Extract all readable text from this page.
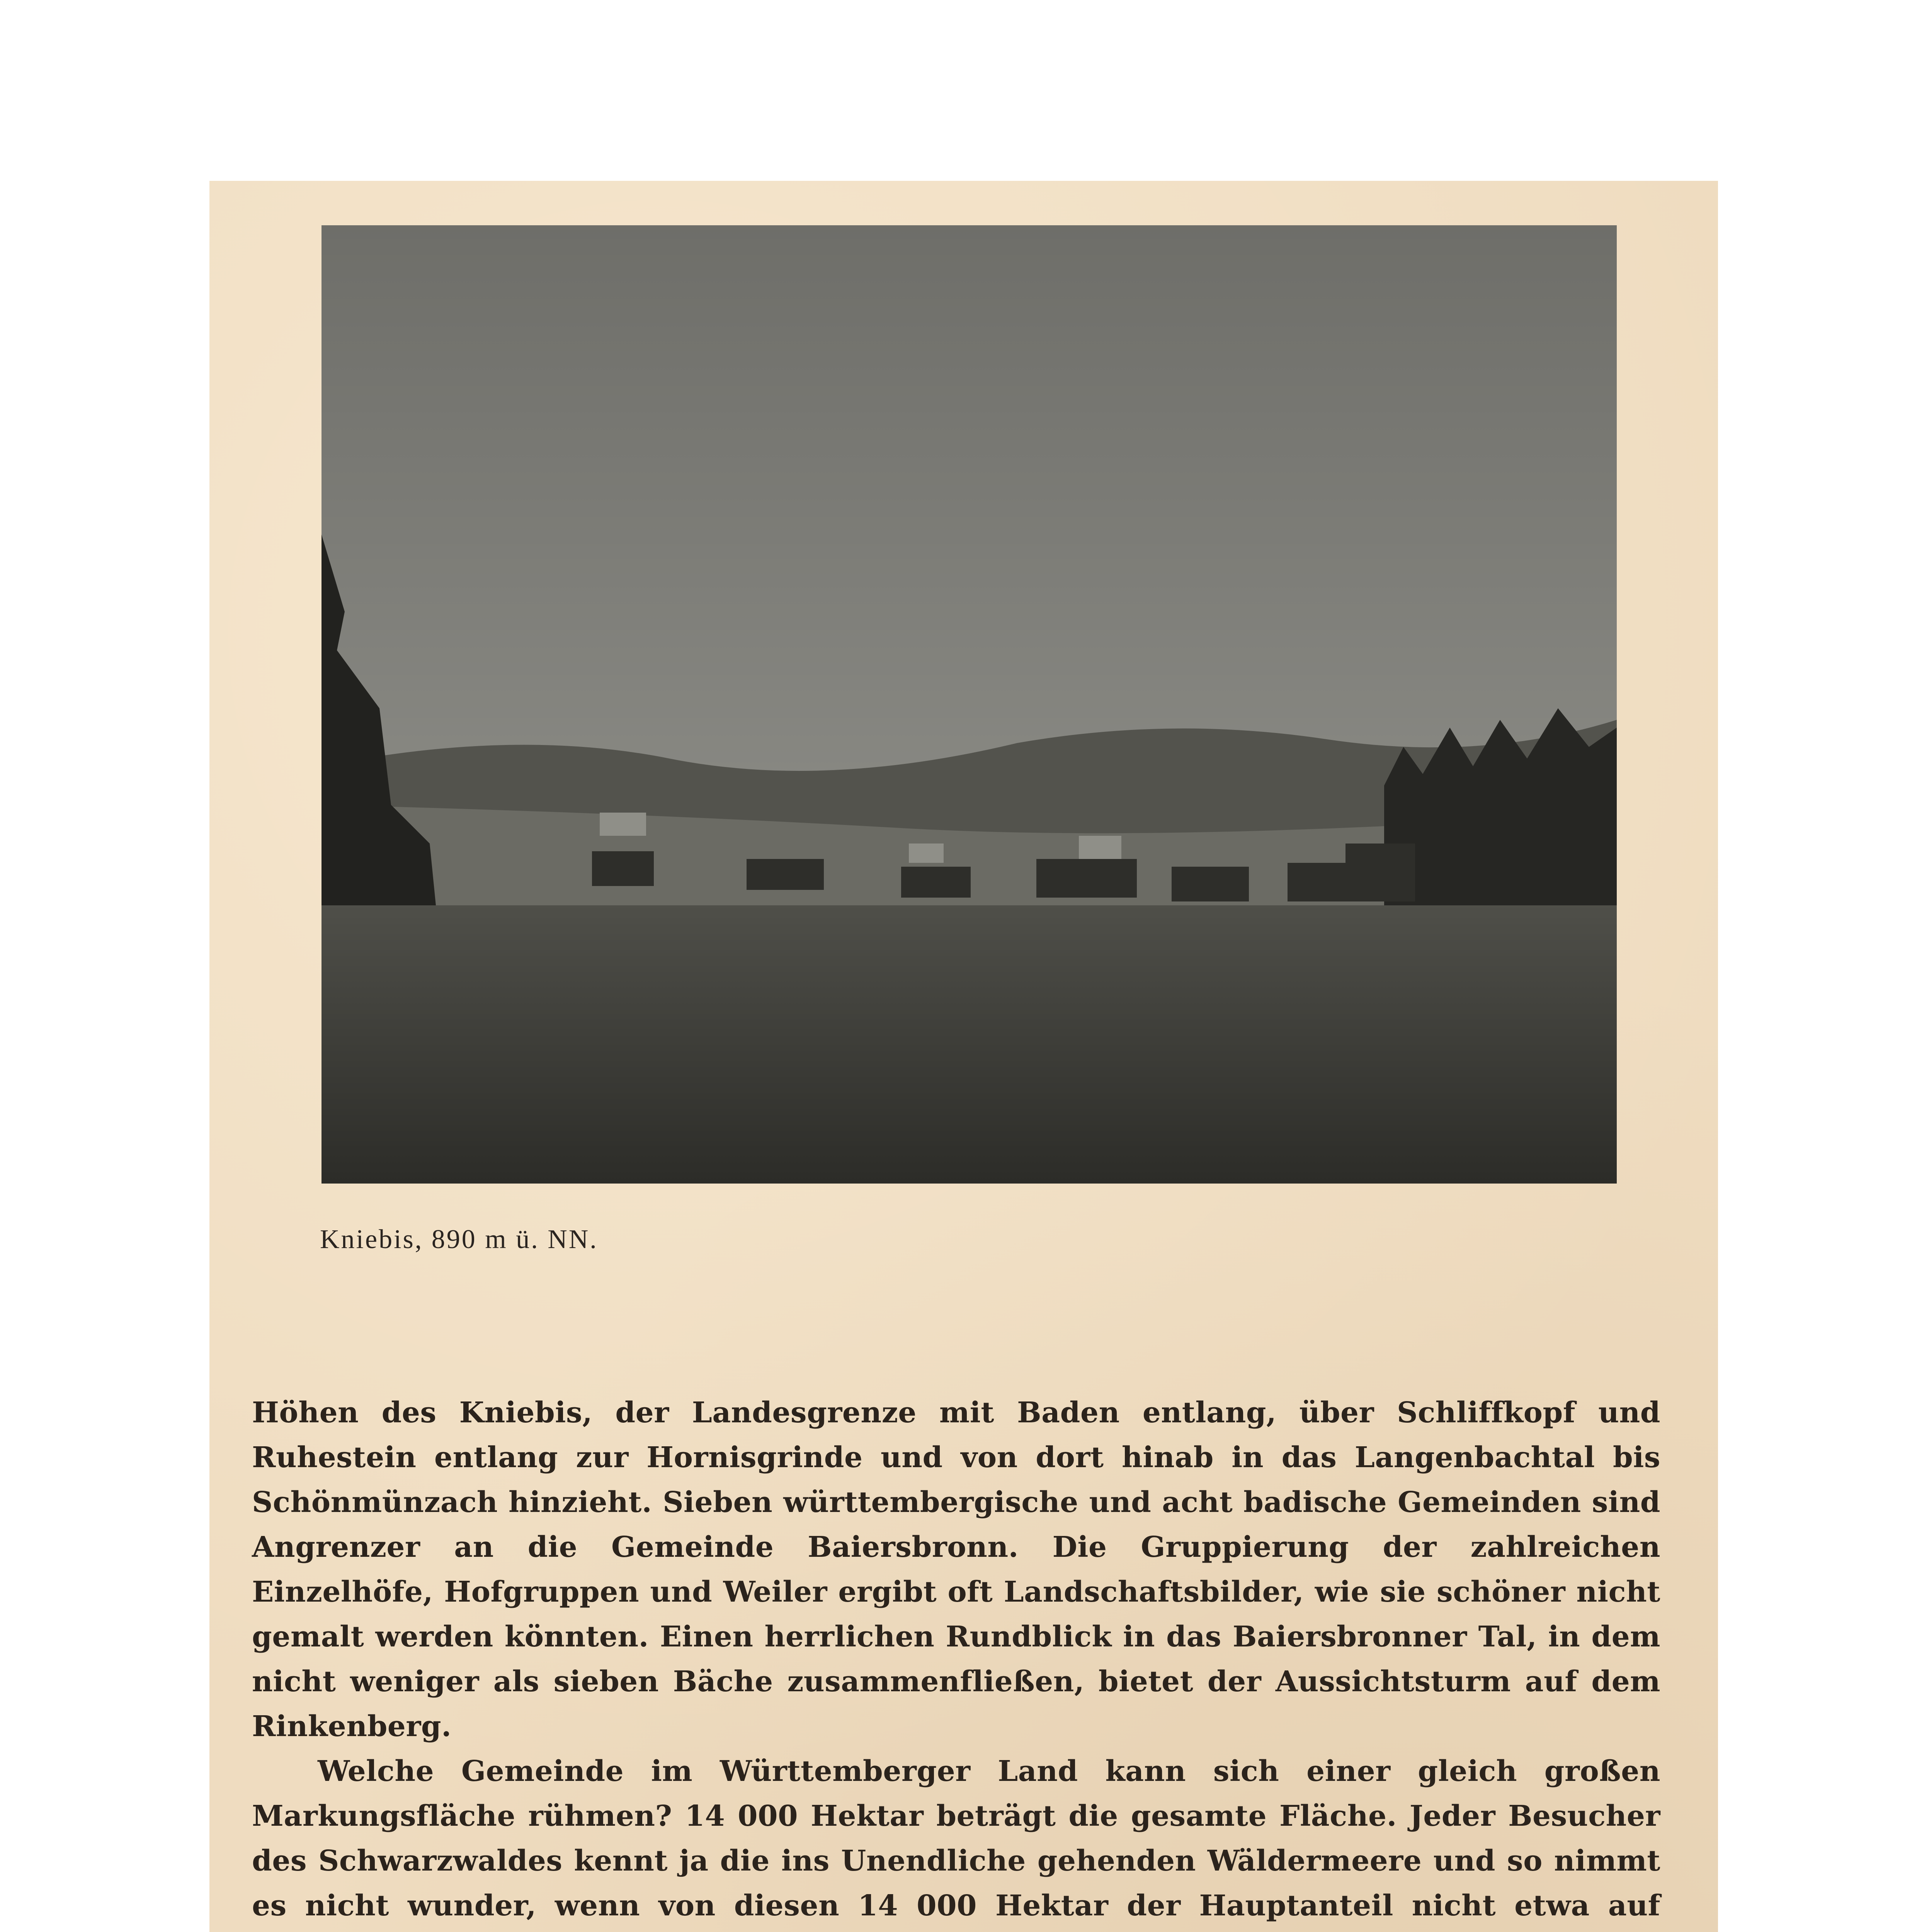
Kniebis, 890 m ü. NN.

Höhen des Kniebis, der Landesgrenze mit Baden entlang, über Schliffkopf und Ruhestein entlang zur Hornisgrinde und von dort hinab in das Langenbachtal bis Schönmünzach hinzieht. Sieben württembergische und acht badische Gemeinden sind Angrenzer an die Gemeinde Baiersbronn. Die Gruppierung der zahlreichen Einzelhöfe, Hofgruppen und Weiler ergibt oft Landschaftsbilder, wie sie schöner nicht gemalt werden könnten. Einen herrlichen Rundblick in das Baiersbronner Tal, in dem nicht weniger als sieben Bäche zusammenfließen, bietet der Aussichtsturm auf dem Rinkenberg.

Welche Gemeinde im Württemberger Land kann sich einer gleich großen Markungsfläche rühmen? 14 000 Hektar beträgt die gesamte Fläche. Jeder Besucher des Schwarzwaldes kennt ja die ins Unendliche gehenden Wäldermeere und so nimmt es nicht wunder, wenn von diesen 14 000 Hektar der Hauptanteil nicht etwa auf
